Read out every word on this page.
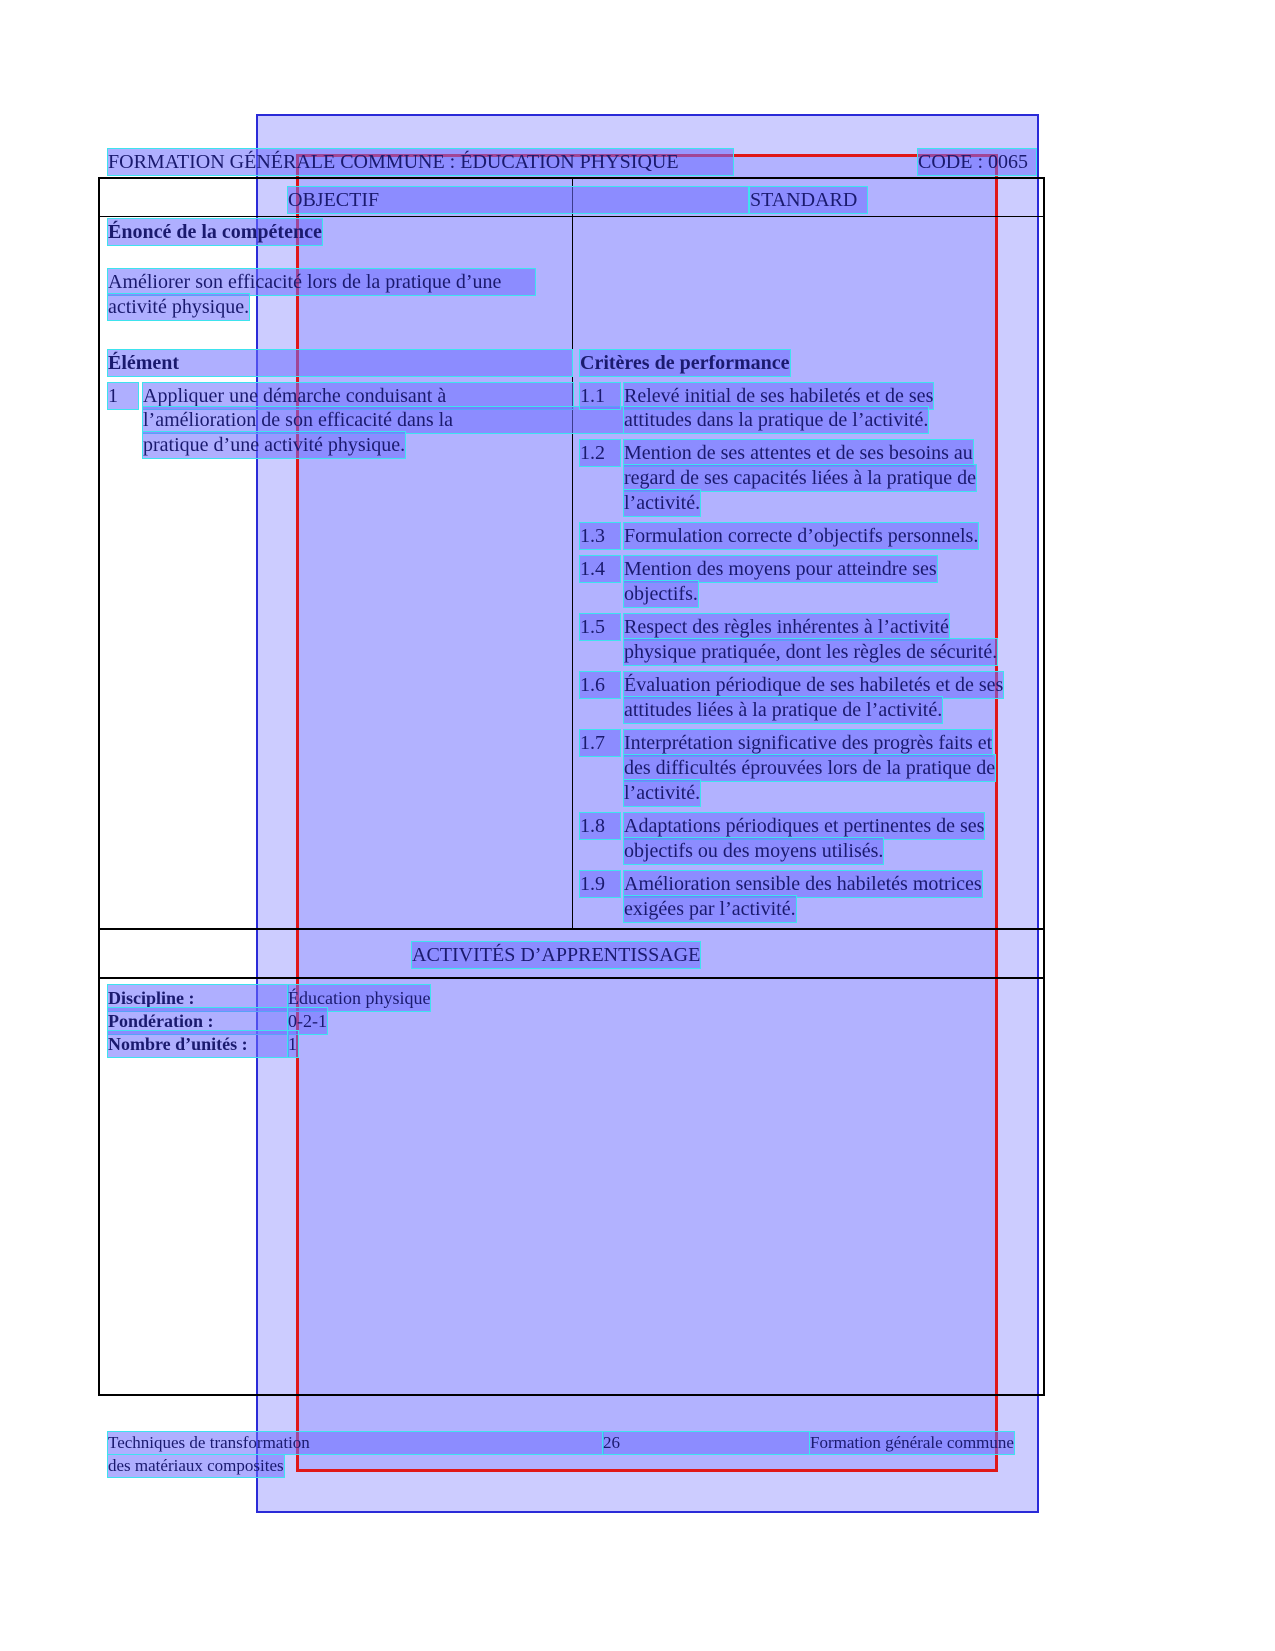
FORMATION GÉNÉRALE COMMUNE : ÉDUCATION PHYSIQUE	CODE : 0065
OBJECTIF	STANDARD
Énoncé de la compétence
Améliorer son efficacité lors de la pratique d’une
activité physique.
Élément
1	Appliquer une démarche conduisant à
l’amélioration de son efficacité dans la
pratique d’une activité physique.
Critères de performance
1.1 Relevé initial de ses habiletés et de ses
attitudes dans la pratique de l’activité.
1.2 Mention de ses attentes et de ses besoins au
regard de ses capacités liées à la pratique de
l’activité.
1.3 Formulation correcte d’objectifs personnels.
1.4 Mention des moyens pour atteindre ses
objectifs.
1.5 Respect des règles inhérentes à l’activité
physique pratiquée, dont les règles de sécurité.
1.6 Évaluation périodique de ses habiletés et de ses
attitudes liées à la pratique de l’activité.
1.7 Interprétation significative des progrès faits et
des difficultés éprouvées lors de la pratique de
l’activité.
1.8 Adaptations périodiques et pertinentes de ses
objectifs ou des moyens utilisés.
1.9 Amélioration sensible des habiletés motrices
exigées par l’activité.
ACTIVITÉS D’APPRENTISSAGE
Discipline :	Éducation physique
Pondération :	0-2-1
Nombre d’unités :	1
Techniques de transformation
des matériaux composites
26	Formation générale commune
